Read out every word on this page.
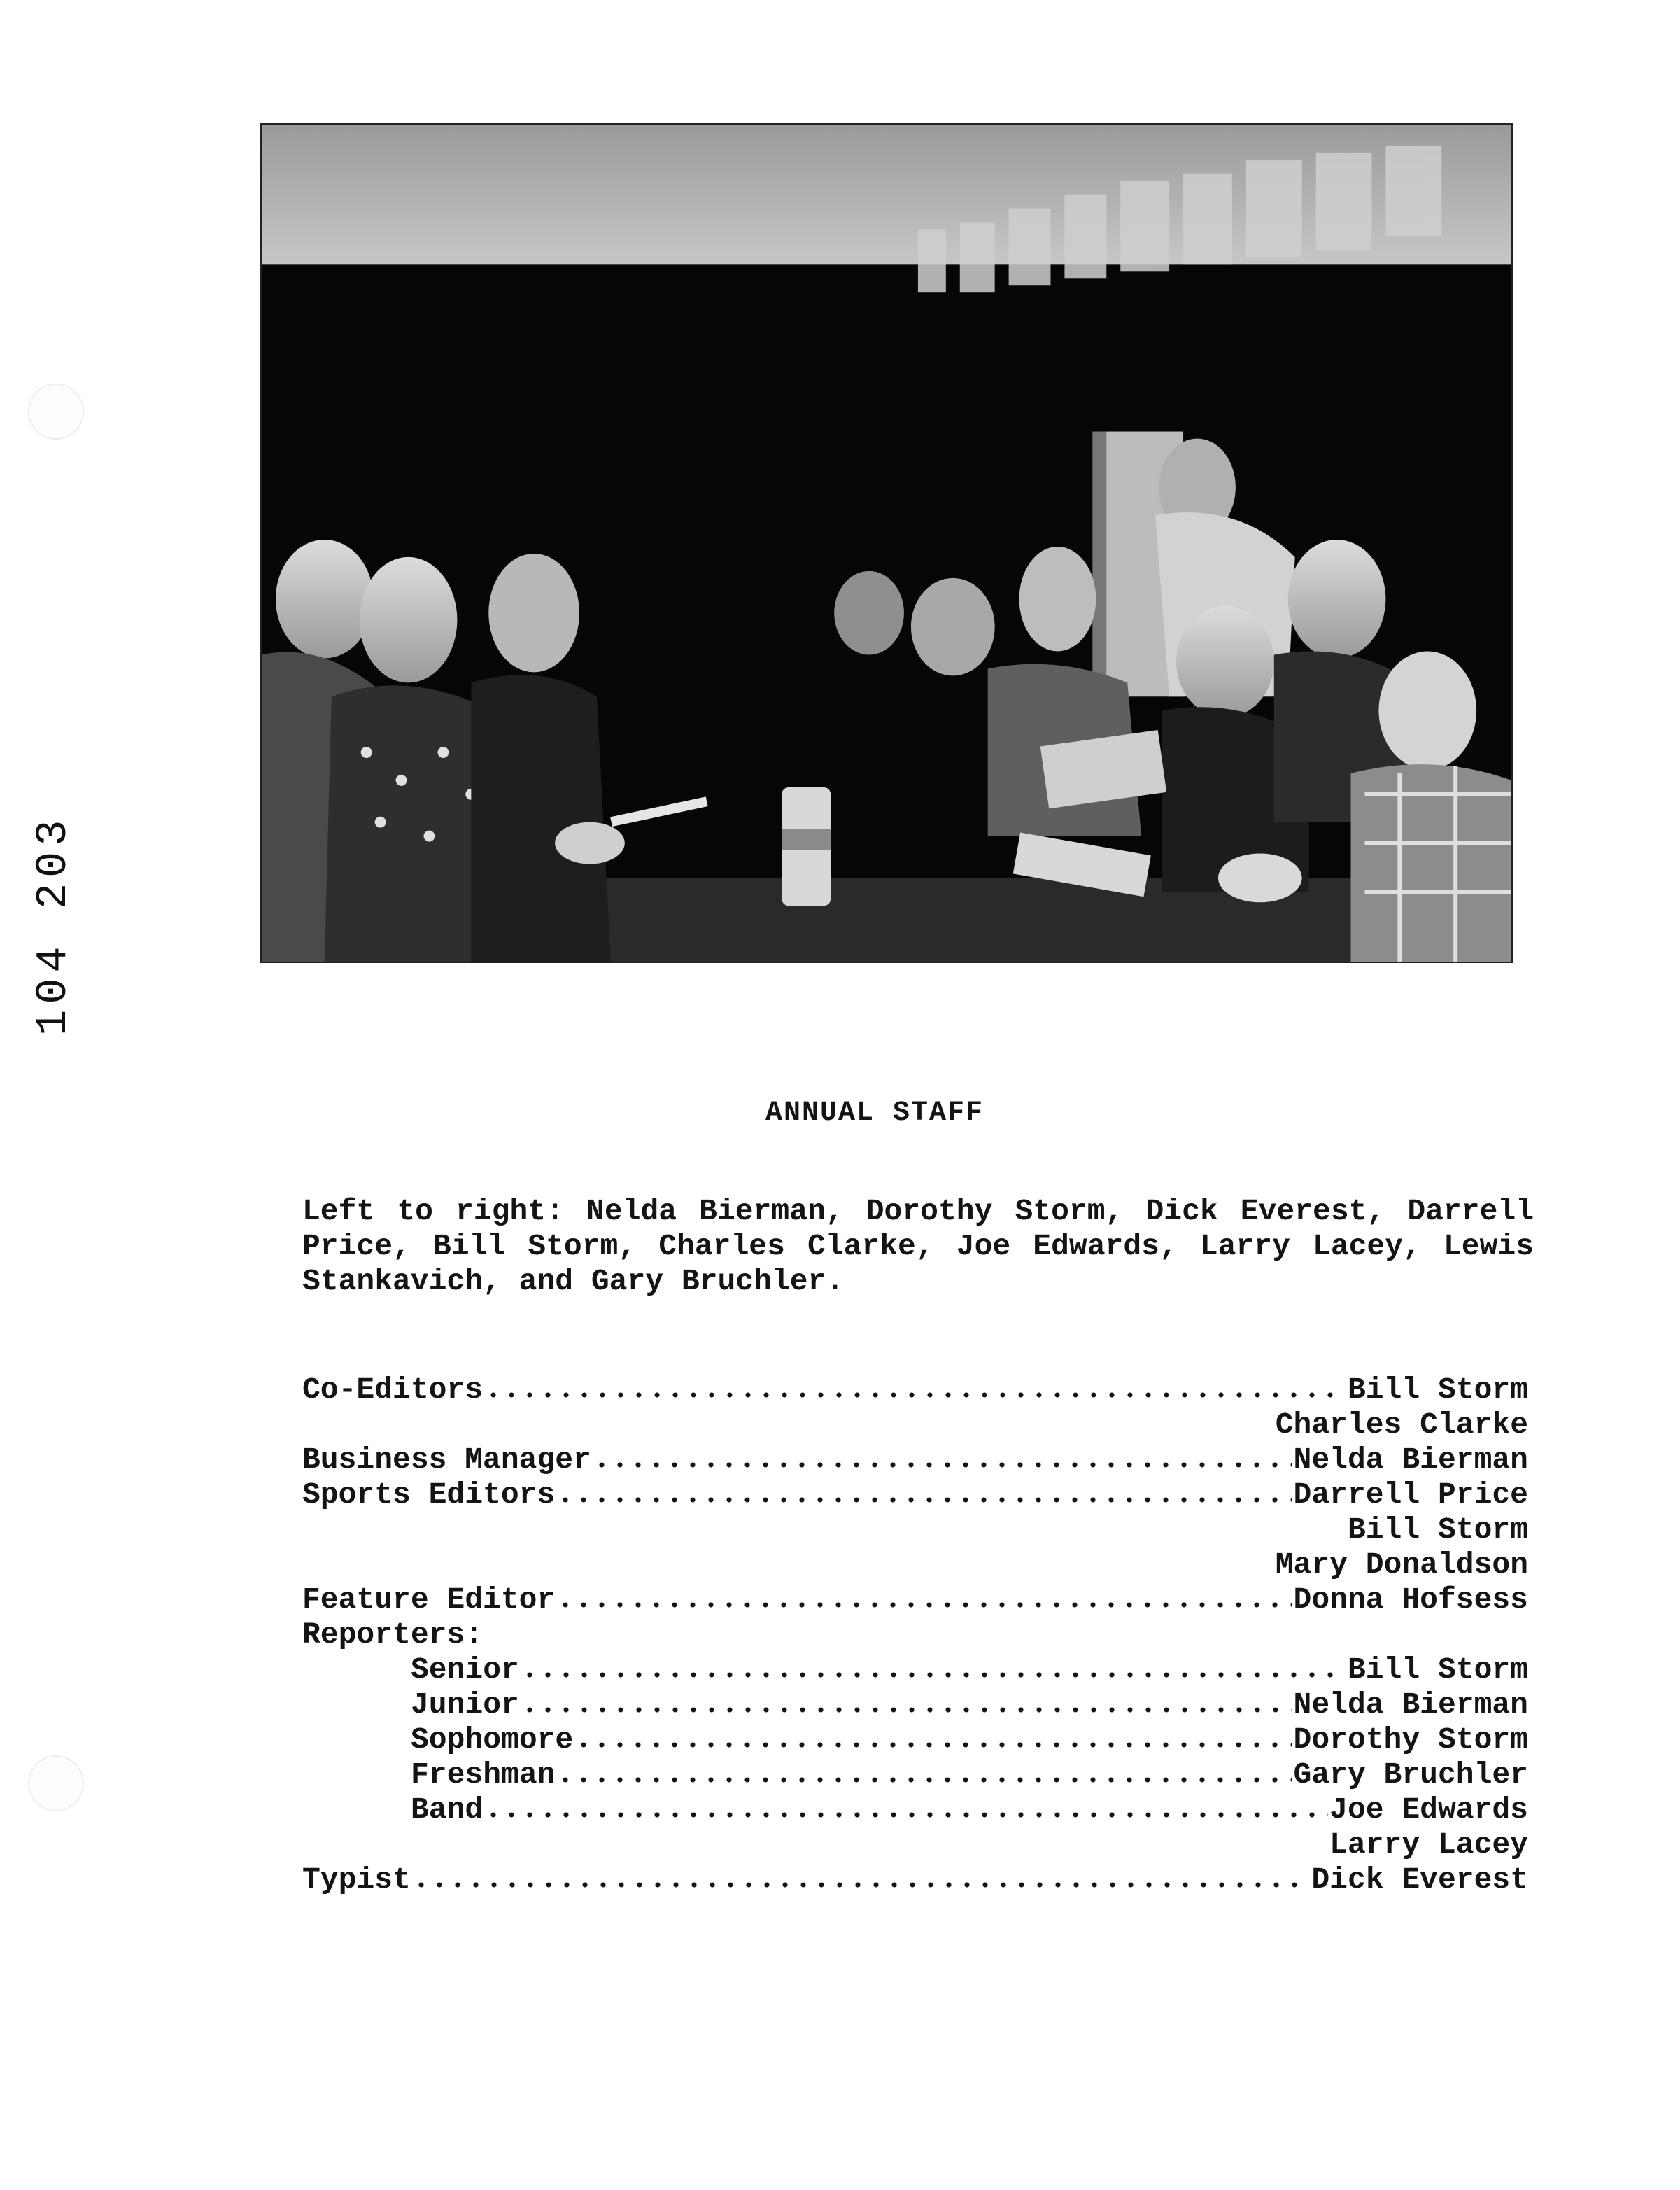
104 203
ANNUAL STAFF
Left to right: Nelda Bierman, Dorothy Storm, Dick Everest, Darrell Price, Bill Storm, Charles Clarke, Joe Edwards, Larry Lacey, Lewis Stankavich, and Gary Bruchler.
Co-Editors	Bill Storm
Charles Clarke
Business Manager	Nelda Bierman
Sports Editors	Darrell Price
Bill Storm
Mary Donaldson
Feature Editor	Donna Hofsess
Reporters:
Senior	Bill Storm
Junior	Nelda Bierman
Sophomore	Dorothy Storm
Freshman	Gary Bruchler
Band	Joe Edwards
Larry Lacey
Typist	Dick Everest
